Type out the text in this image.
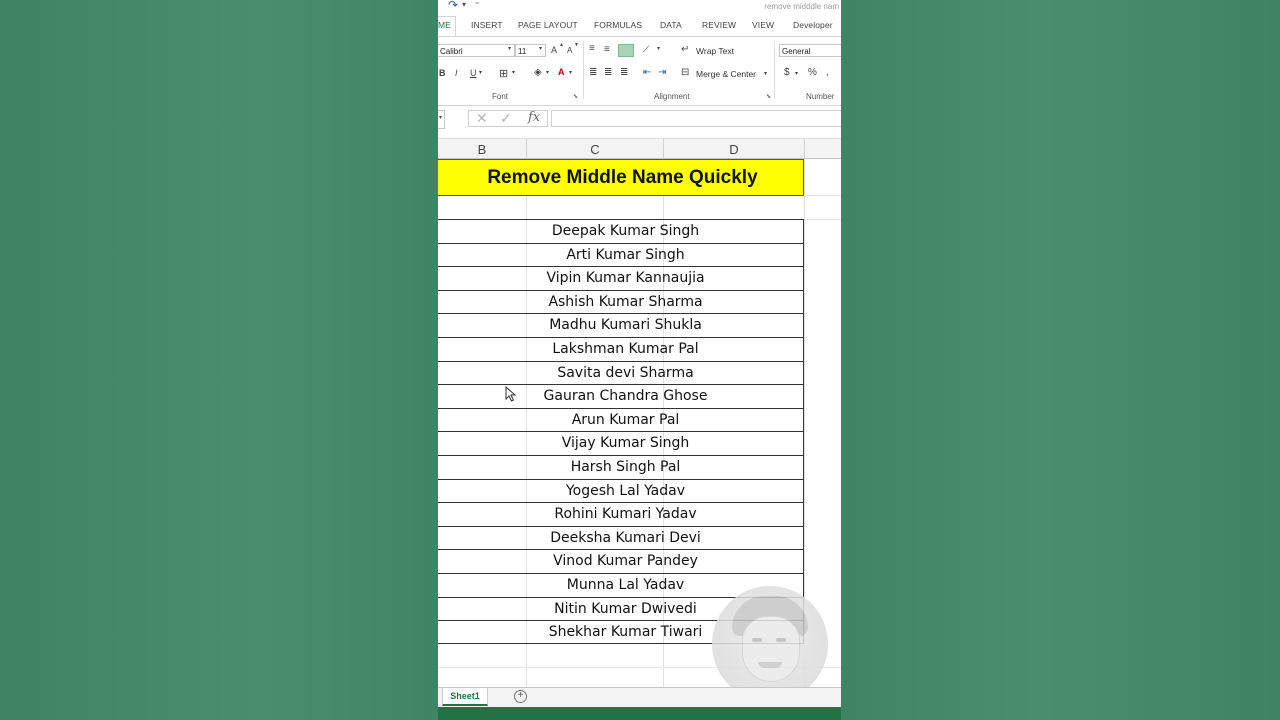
↷ ▾ ⁼	remove midddle nam
ME INSERT PAGE LAYOUT FORMULAS DATA REVIEW VIEW Developer
Calibri	▾ 11	▾ A ▲
A
▼
B I U ▾ ⊞ ▾ ◈ ▾ A ▾
Font	⬊
≡ ≡	⟋ ▾
≣ ≣ ≣ ⇤ ⇥
↵ Wrap Text
⊟ Merge & Center ▾
Alignment	⬊
General
$ ▾ % ,
Number
▾ ✕ ✓ fx
B	C	D
Remove Middle Name Quickly
Deepak Kumar Singh
Arti Kumar Singh
Vipin Kumar Kannaujia
Ashish Kumar Sharma
Madhu Kumari Shukla
Lakshman Kumar Pal
Savita devi Sharma
Gauran Chandra Ghose
Arun Kumar Pal
Vijay Kumar Singh
Harsh Singh Pal
Yogesh Lal Yadav
Rohini Kumari Yadav
Deeksha Kumari Devi
Vinod Kumar Pandey
Munna Lal Yadav
Nitin Kumar Dwivedi
Shekhar Kumar Tiwari
Sheet1	+
